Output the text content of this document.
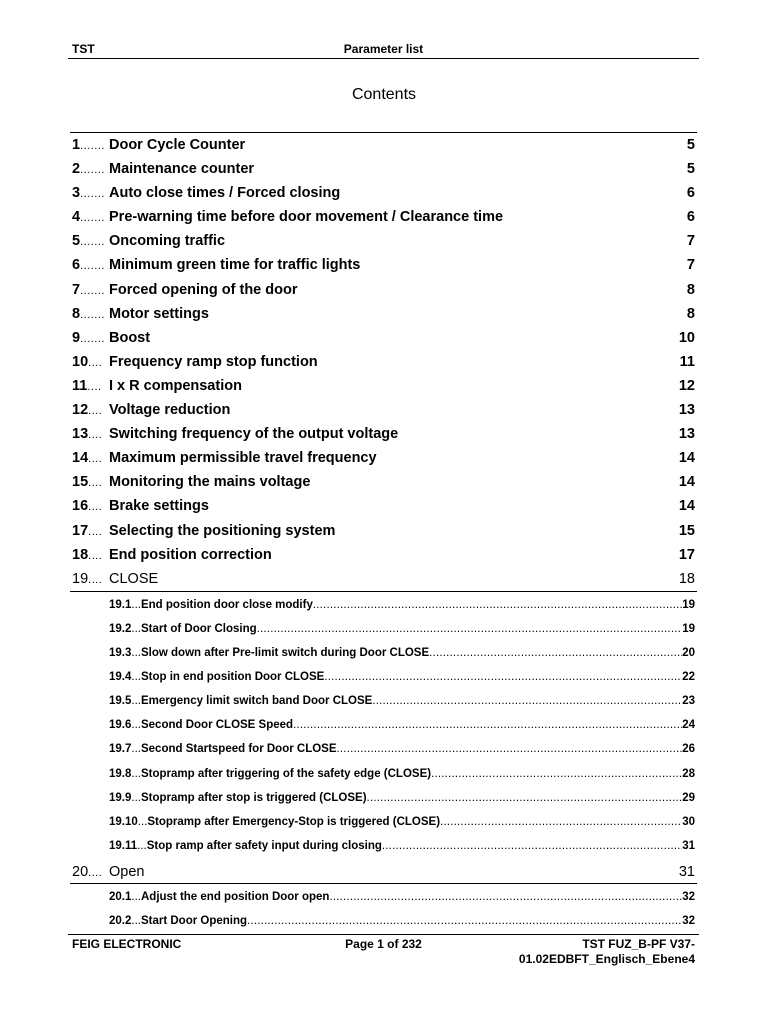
TST	Parameter list
Contents
1....... Door Cycle Counter	5
2....... Maintenance counter	5
3....... Auto close times / Forced closing	6
4....... Pre-warning time before door movement / Clearance time	6
5....... Oncoming traffic	7
6....... Minimum green time for traffic lights	7
7....... Forced opening of the door	8
8....... Motor settings	8
9....... Boost	10
10.... Frequency ramp stop function	11
11.... I x R compensation	12
12.... Voltage reduction	13
13.... Switching frequency of the output voltage	13
14.... Maximum permissible travel frequency	14
15.... Monitoring the mains voltage	14
16.... Brake settings	14
17.... Selecting the positioning system	15
18.... End position correction	17
19.... CLOSE	18
19.1 ... End position door close modify .....	19
19.2 ... Start of Door Closing .....	19
19.3 ... Slow down after Pre-limit switch during Door CLOSE .....	20
19.4 ... Stop in end position Door CLOSE .....	22
19.5 ... Emergency limit switch band Door CLOSE .....	23
19.6 ... Second Door CLOSE Speed .....	24
19.7 ... Second Startspeed for Door CLOSE .....	26
19.8 ... Stopramp after triggering of the safety edge (CLOSE) .....	28
19.9 ... Stopramp after stop is triggered (CLOSE) .....	29
19.10 ... Stopramp after Emergency-Stop is triggered (CLOSE) .....	30
19.11 ... Stop ramp after safety input during closing .....	31
20.... Open	31
20.1 ... Adjust the end position Door open .....	32
20.2 ... Start Door Opening .....	32
FEIG ELECTRONIC	Page 1 of 232	TST FUZ_B-PF V37-
01.02EDBFT_Englisch_Ebene4
